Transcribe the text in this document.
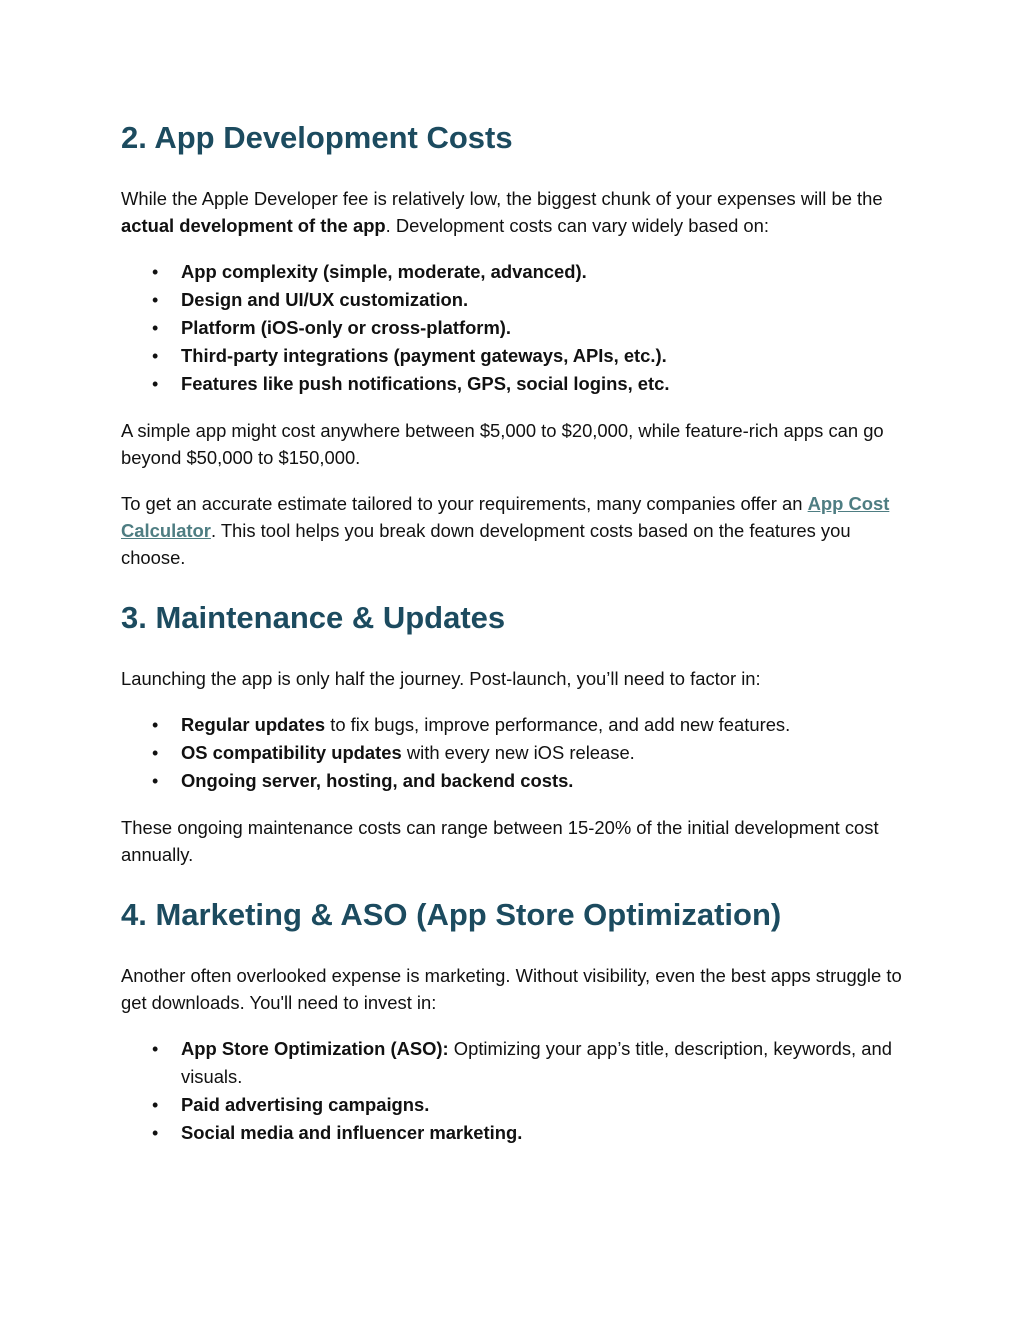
2. App Development Costs

While the Apple Developer fee is relatively low, the biggest chunk of your expenses will be the actual development of the app. Development costs can vary widely based on:

• App complexity (simple, moderate, advanced).
• Design and UI/UX customization.
• Platform (iOS-only or cross-platform).
• Third-party integrations (payment gateways, APIs, etc.).
• Features like push notifications, GPS, social logins, etc.

A simple app might cost anywhere between $5,000 to $20,000, while feature-rich apps can go beyond $50,000 to $150,000.

To get an accurate estimate tailored to your requirements, many companies offer an App Cost Calculator. This tool helps you break down development costs based on the features you choose.

3. Maintenance & Updates

Launching the app is only half the journey. Post-launch, you’ll need to factor in:

• Regular updates to fix bugs, improve performance, and add new features.
• OS compatibility updates with every new iOS release.
• Ongoing server, hosting, and backend costs.

These ongoing maintenance costs can range between 15-20% of the initial development cost annually.

4. Marketing & ASO (App Store Optimization)

Another often overlooked expense is marketing. Without visibility, even the best apps struggle to get downloads. You'll need to invest in:

• App Store Optimization (ASO): Optimizing your app’s title, description, keywords, and visuals.
• Paid advertising campaigns.
• Social media and influencer marketing.
